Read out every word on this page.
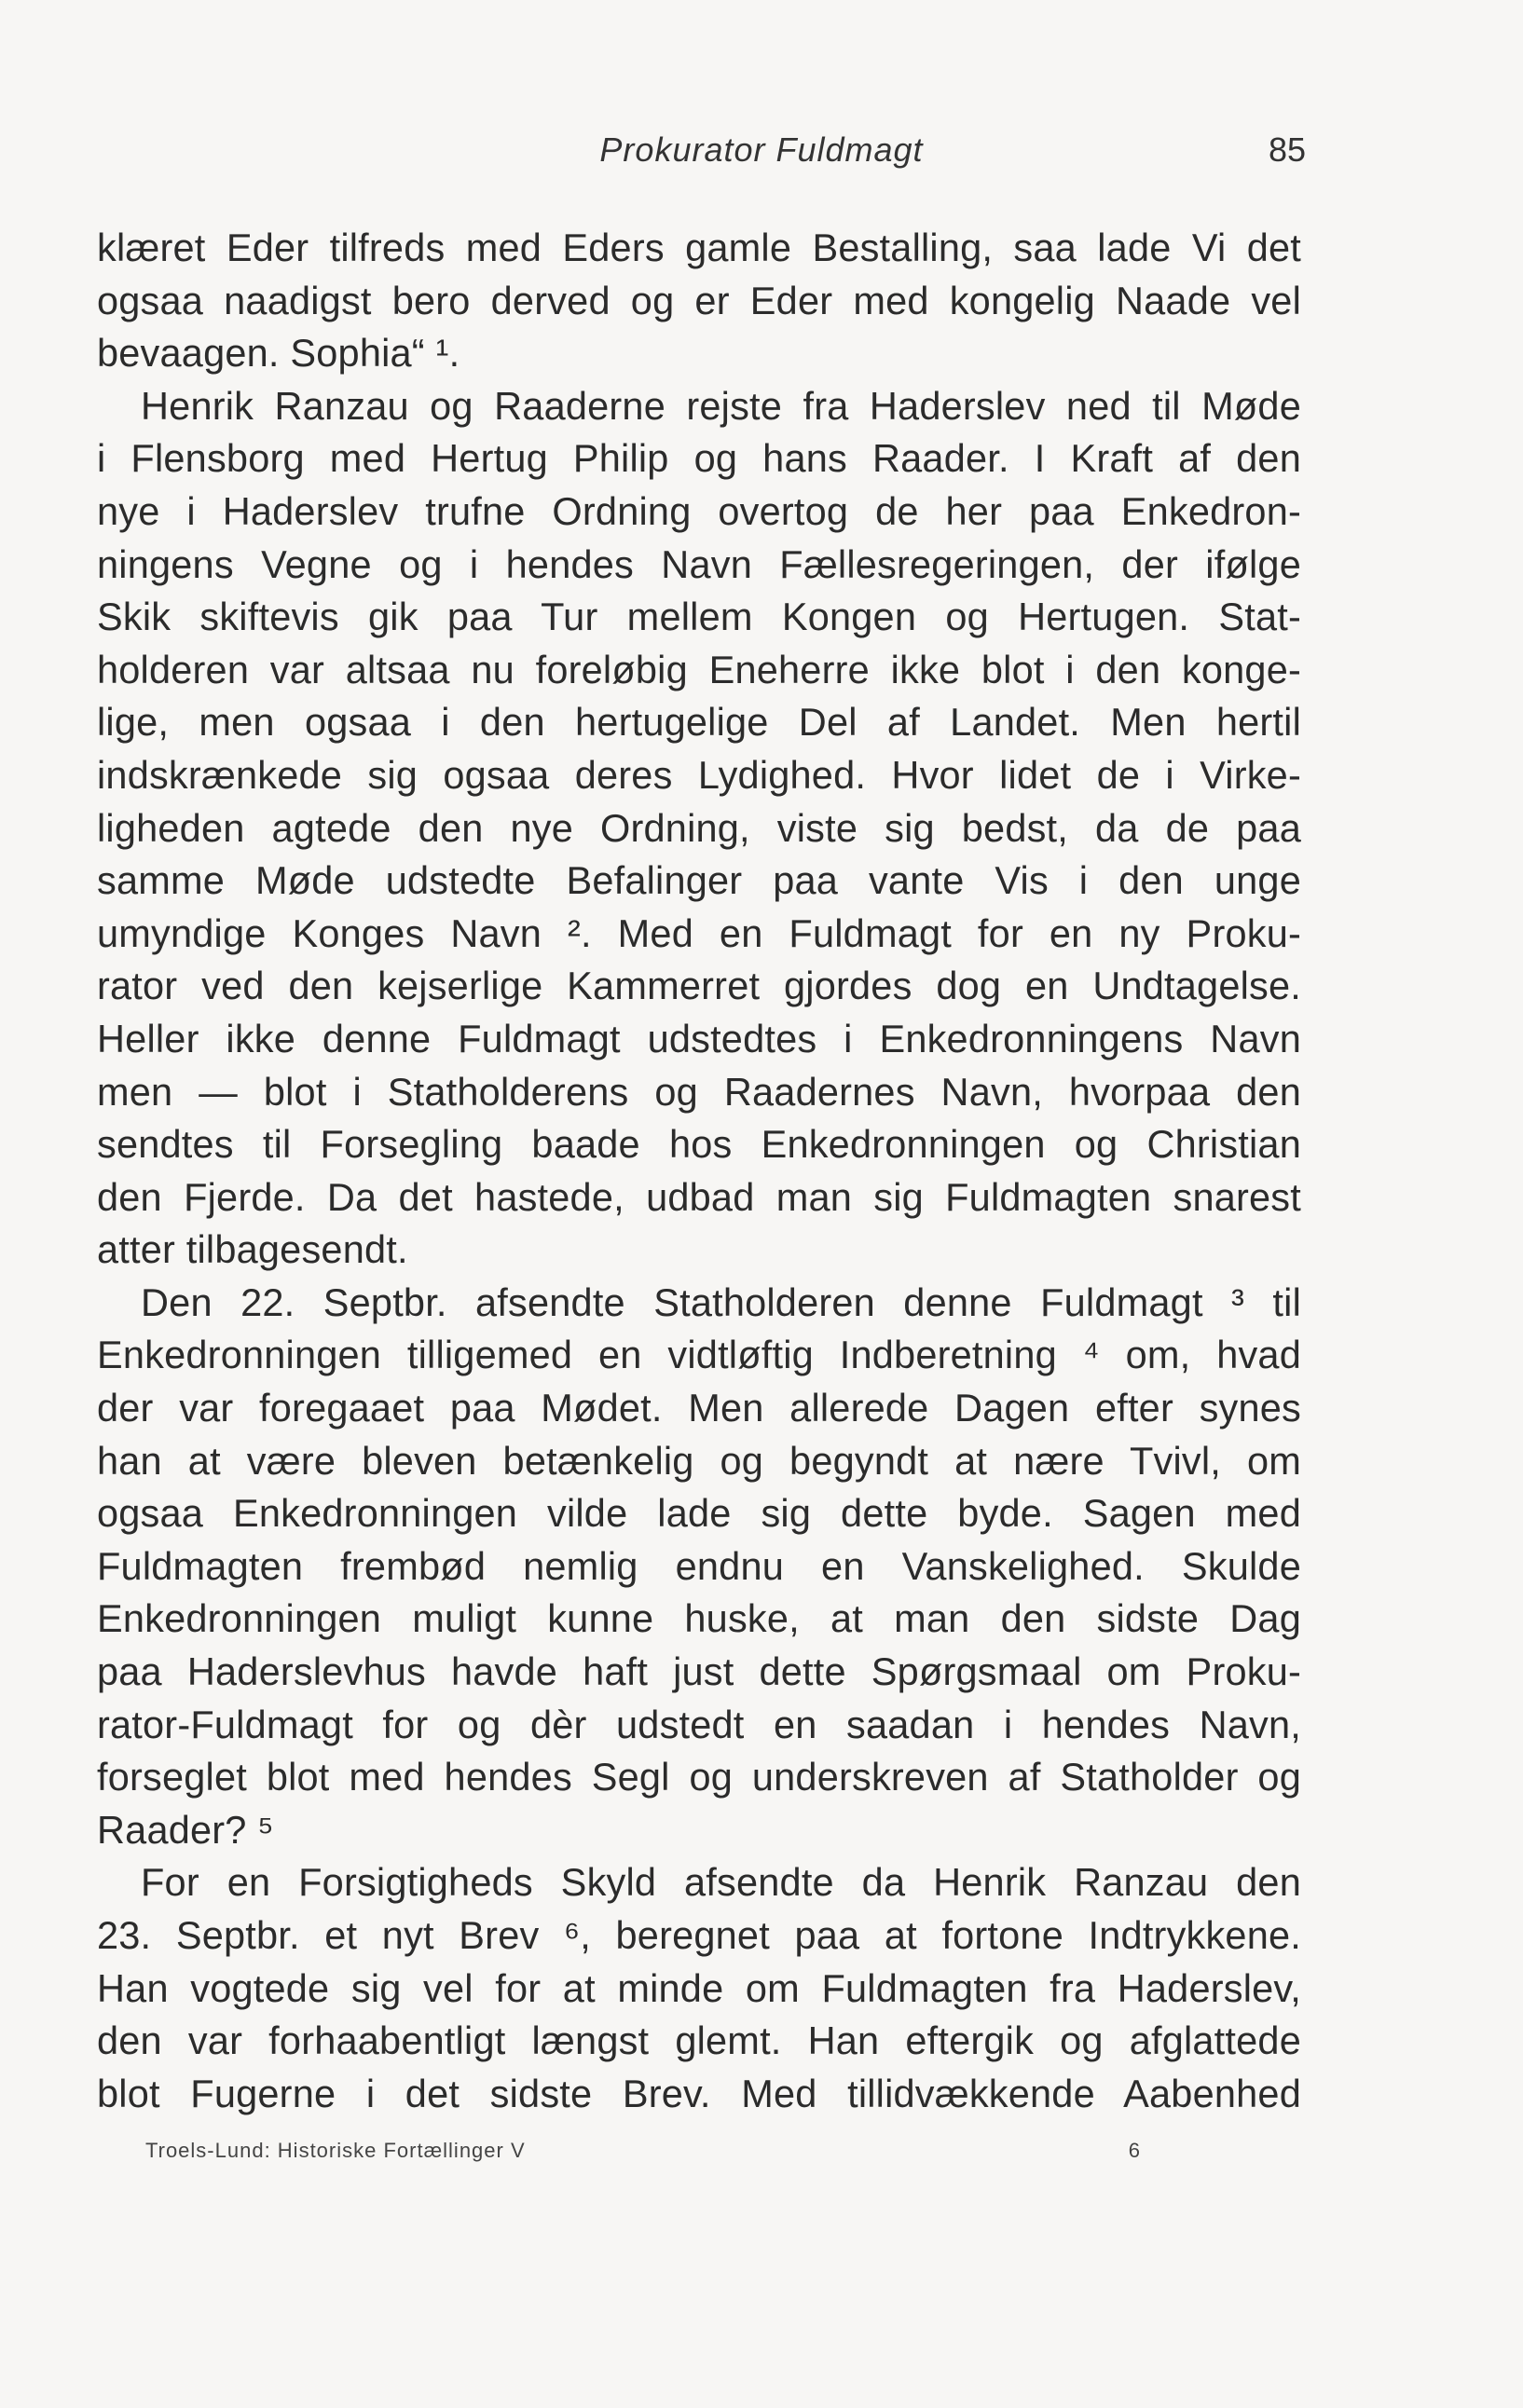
Prokurator Fuldmagt	85
klæret Eder tilfreds med Eders gamle Bestalling, saa lade Vi det
ogsaa naadigst bero derved og er Eder med kongelig Naade vel
bevaagen. Sophia“ ¹.
Henrik Ranzau og Raaderne rejste fra Haderslev ned til Møde
i Flensborg med Hertug Philip og hans Raader. I Kraft af den
nye i Haderslev trufne Ordning overtog de her paa Enkedron-
ningens Vegne og i hendes Navn Fællesregeringen, der ifølge
Skik skiftevis gik paa Tur mellem Kongen og Hertugen. Stat-
holderen var altsaa nu foreløbig Eneherre ikke blot i den konge-
lige, men ogsaa i den hertugelige Del af Landet. Men hertil
indskrænkede sig ogsaa deres Lydighed. Hvor lidet de i Virke-
ligheden agtede den nye Ordning, viste sig bedst, da de paa
samme Møde udstedte Befalinger paa vante Vis i den unge
umyndige Konges Navn ². Med en Fuldmagt for en ny Proku-
rator ved den kejserlige Kammerret gjordes dog en Undtagelse.
Heller ikke denne Fuldmagt udstedtes i Enkedronningens Navn
men — blot i Statholderens og Raadernes Navn, hvorpaa den
sendtes til Forsegling baade hos Enkedronningen og Christian
den Fjerde. Da det hastede, udbad man sig Fuldmagten snarest
atter tilbagesendt.
Den 22. Septbr. afsendte Statholderen denne Fuldmagt ³ til
Enkedronningen tilligemed en vidtløftig Indberetning ⁴ om, hvad
der var foregaaet paa Mødet. Men allerede Dagen efter synes
han at være bleven betænkelig og begyndt at nære Tvivl, om
ogsaa Enkedronningen vilde lade sig dette byde. Sagen med
Fuldmagten frembød nemlig endnu en Vanskelighed. Skulde
Enkedronningen muligt kunne huske, at man den sidste Dag
paa Haderslevhus havde haft just dette Spørgsmaal om Proku-
rator-Fuldmagt for og dèr udstedt en saadan i hendes Navn,
forseglet blot med hendes Segl og underskreven af Statholder og
Raader? ⁵
For en Forsigtigheds Skyld afsendte da Henrik Ranzau den
23. Septbr. et nyt Brev ⁶, beregnet paa at fortone Indtrykkene.
Han vogtede sig vel for at minde om Fuldmagten fra Haderslev,
den var forhaabentligt længst glemt. Han eftergik og afglattede
blot Fugerne i det sidste Brev. Med tillidvækkende Aabenhed
Troels-Lund: Historiske Fortællinger V	6
